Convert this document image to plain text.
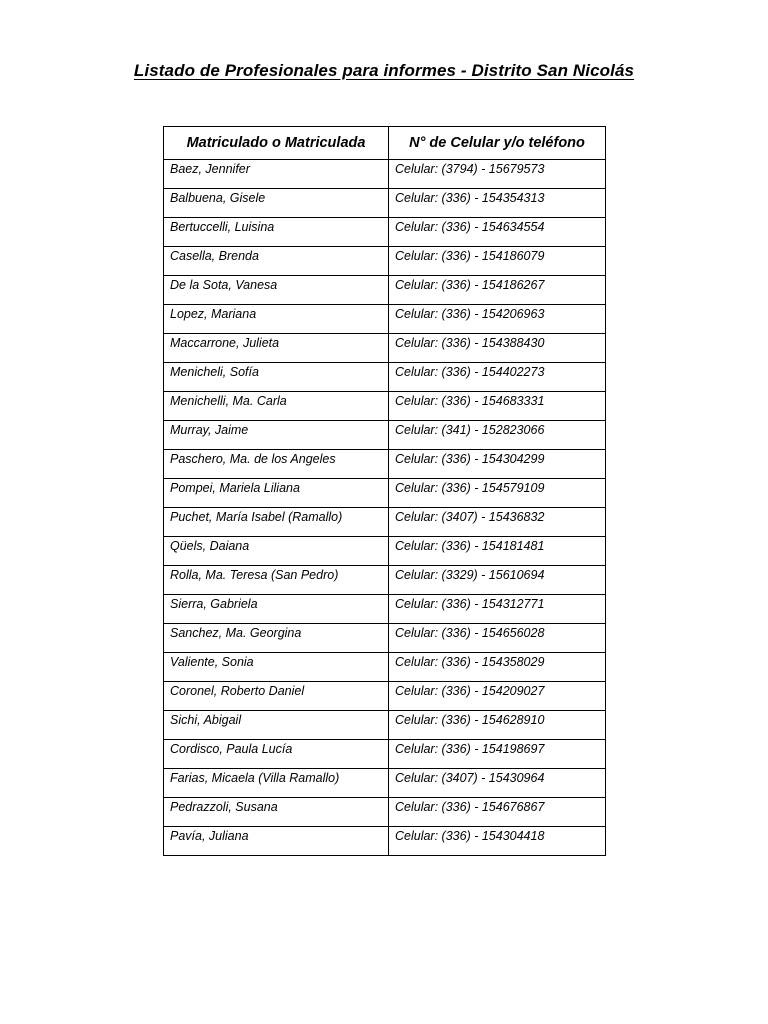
Listado de Profesionales para informes - Distrito San Nicolás
Matriculado o Matriculada	N° de Celular y/o teléfono
Baez, Jennifer	Celular: (3794) - 15679573
Balbuena, Gisele	Celular: (336) - 154354313
Bertuccelli, Luisina	Celular: (336) - 154634554
Casella, Brenda	Celular: (336) - 154186079
De la Sota, Vanesa	Celular: (336) - 154186267
Lopez, Mariana	Celular: (336) - 154206963
Maccarrone, Julieta	Celular: (336) - 154388430
Menicheli, Sofía	Celular: (336) - 154402273
Menichelli, Ma. Carla	Celular: (336) - 154683331
Murray, Jaime	Celular: (341) - 152823066
Paschero, Ma. de los Angeles	Celular: (336) - 154304299
Pompei, Mariela Liliana	Celular: (336) - 154579109
Puchet, María Isabel (Ramallo)	Celular: (3407) - 15436832
Qüels, Daiana	Celular: (336) - 154181481
Rolla, Ma. Teresa (San Pedro)	Celular: (3329) - 15610694
Sierra, Gabriela	Celular: (336) - 154312771
Sanchez, Ma. Georgina	Celular: (336) - 154656028
Valiente, Sonia	Celular: (336) - 154358029
Coronel, Roberto Daniel	Celular: (336) - 154209027
Sichi, Abigail	Celular: (336) - 154628910
Cordisco, Paula Lucía	Celular: (336) - 154198697
Farias, Micaela (Villa Ramallo)	Celular: (3407) - 15430964
Pedrazzoli, Susana	Celular: (336) - 154676867
Pavía, Juliana	Celular: (336) - 154304418
